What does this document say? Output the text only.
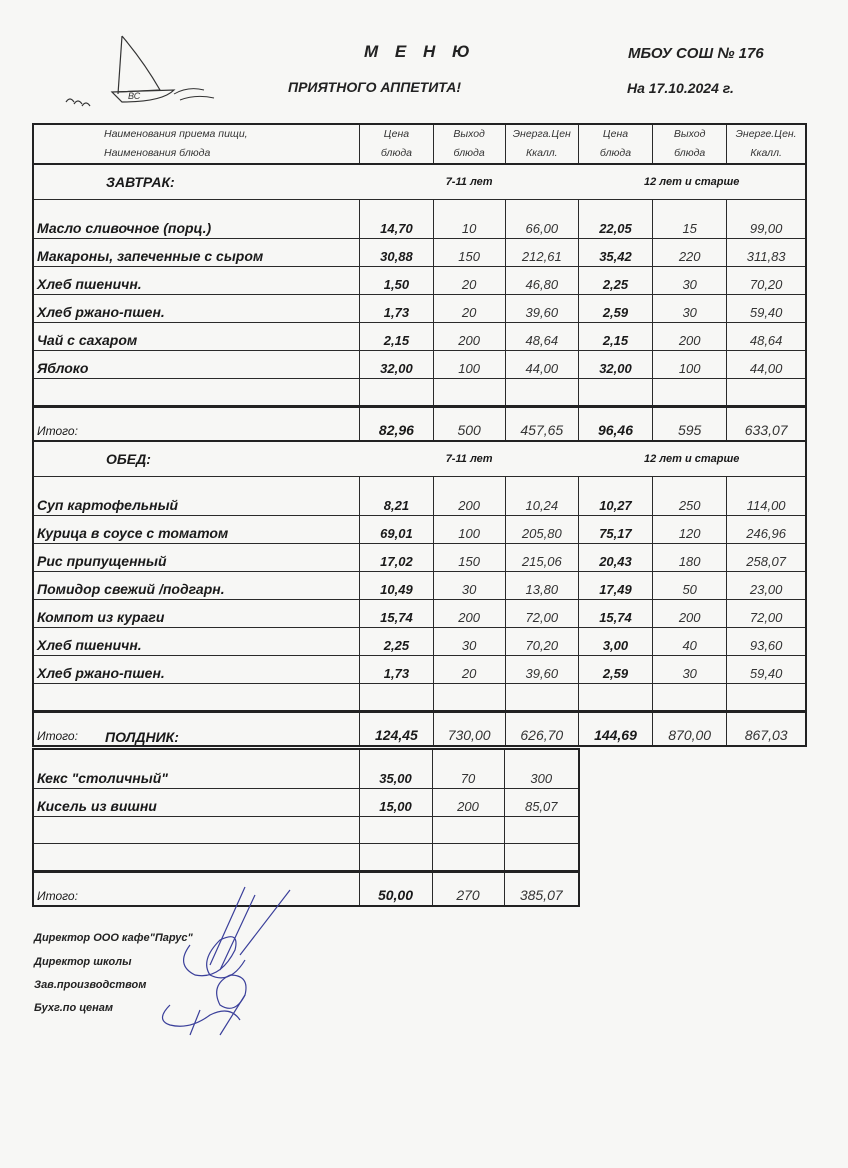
ВС
М Е Н Ю
ПРИЯТНОГО АППЕТИТА!
МБОУ СОШ № 176
На 17.10.2024 г.
Наименования приема пищи,
Наименования блюда	Цена
блюда	Выход
блюда	Энерга.Цен
Ккалл.	Цена
блюда	Выход
блюда	Энерге.Цен.
Ккалл.
ЗАВТРАК:	7-11 лет			12 лет и старше		
Масло сливочное (порц.)	14,70	10	66,00	22,05	15	99,00
Макароны, запеченные с сыром	30,88	150	212,61	35,42	220	311,83
Хлеб пшеничн.	1,50	20	46,80	2,25	30	70,20
Хлеб ржано-пшен.	1,73	20	39,60	2,59	30	59,40
Чай с сахаром	2,15	200	48,64	2,15	200	48,64
Яблоко	32,00	100	44,00	32,00	100	44,00

Итого:	82,96	500	457,65	96,46	595	633,07
ОБЕД:	7-11 лет			12 лет и старше		
Суп картофельный	8,21	200	10,24	10,27	250	114,00
Курица в соусе с томатом	69,01	100	205,80	75,17	120	246,96
Рис припущенный	17,02	150	215,06	20,43	180	258,07
Помидор свежий /подгарн.	10,49	30	13,80	17,49	50	23,00
Компот из кураги	15,74	200	72,00	15,74	200	72,00
Хлеб пшеничн.	2,25	30	70,20	3,00	40	93,60
Хлеб ржано-пшен.	1,73	20	39,60	2,59	30	59,40

Итого:	124,45	730,00	626,70	144,69	870,00	867,03
ПОЛДНИК:
Кекс "столичный"	35,00	70	300
Кисель из вишни	15,00	200	85,07

Итого:	50,00	270	385,07
Директор ООО кафе"Парус"
Директор школы
Зав.производством
Бухг.по ценам
